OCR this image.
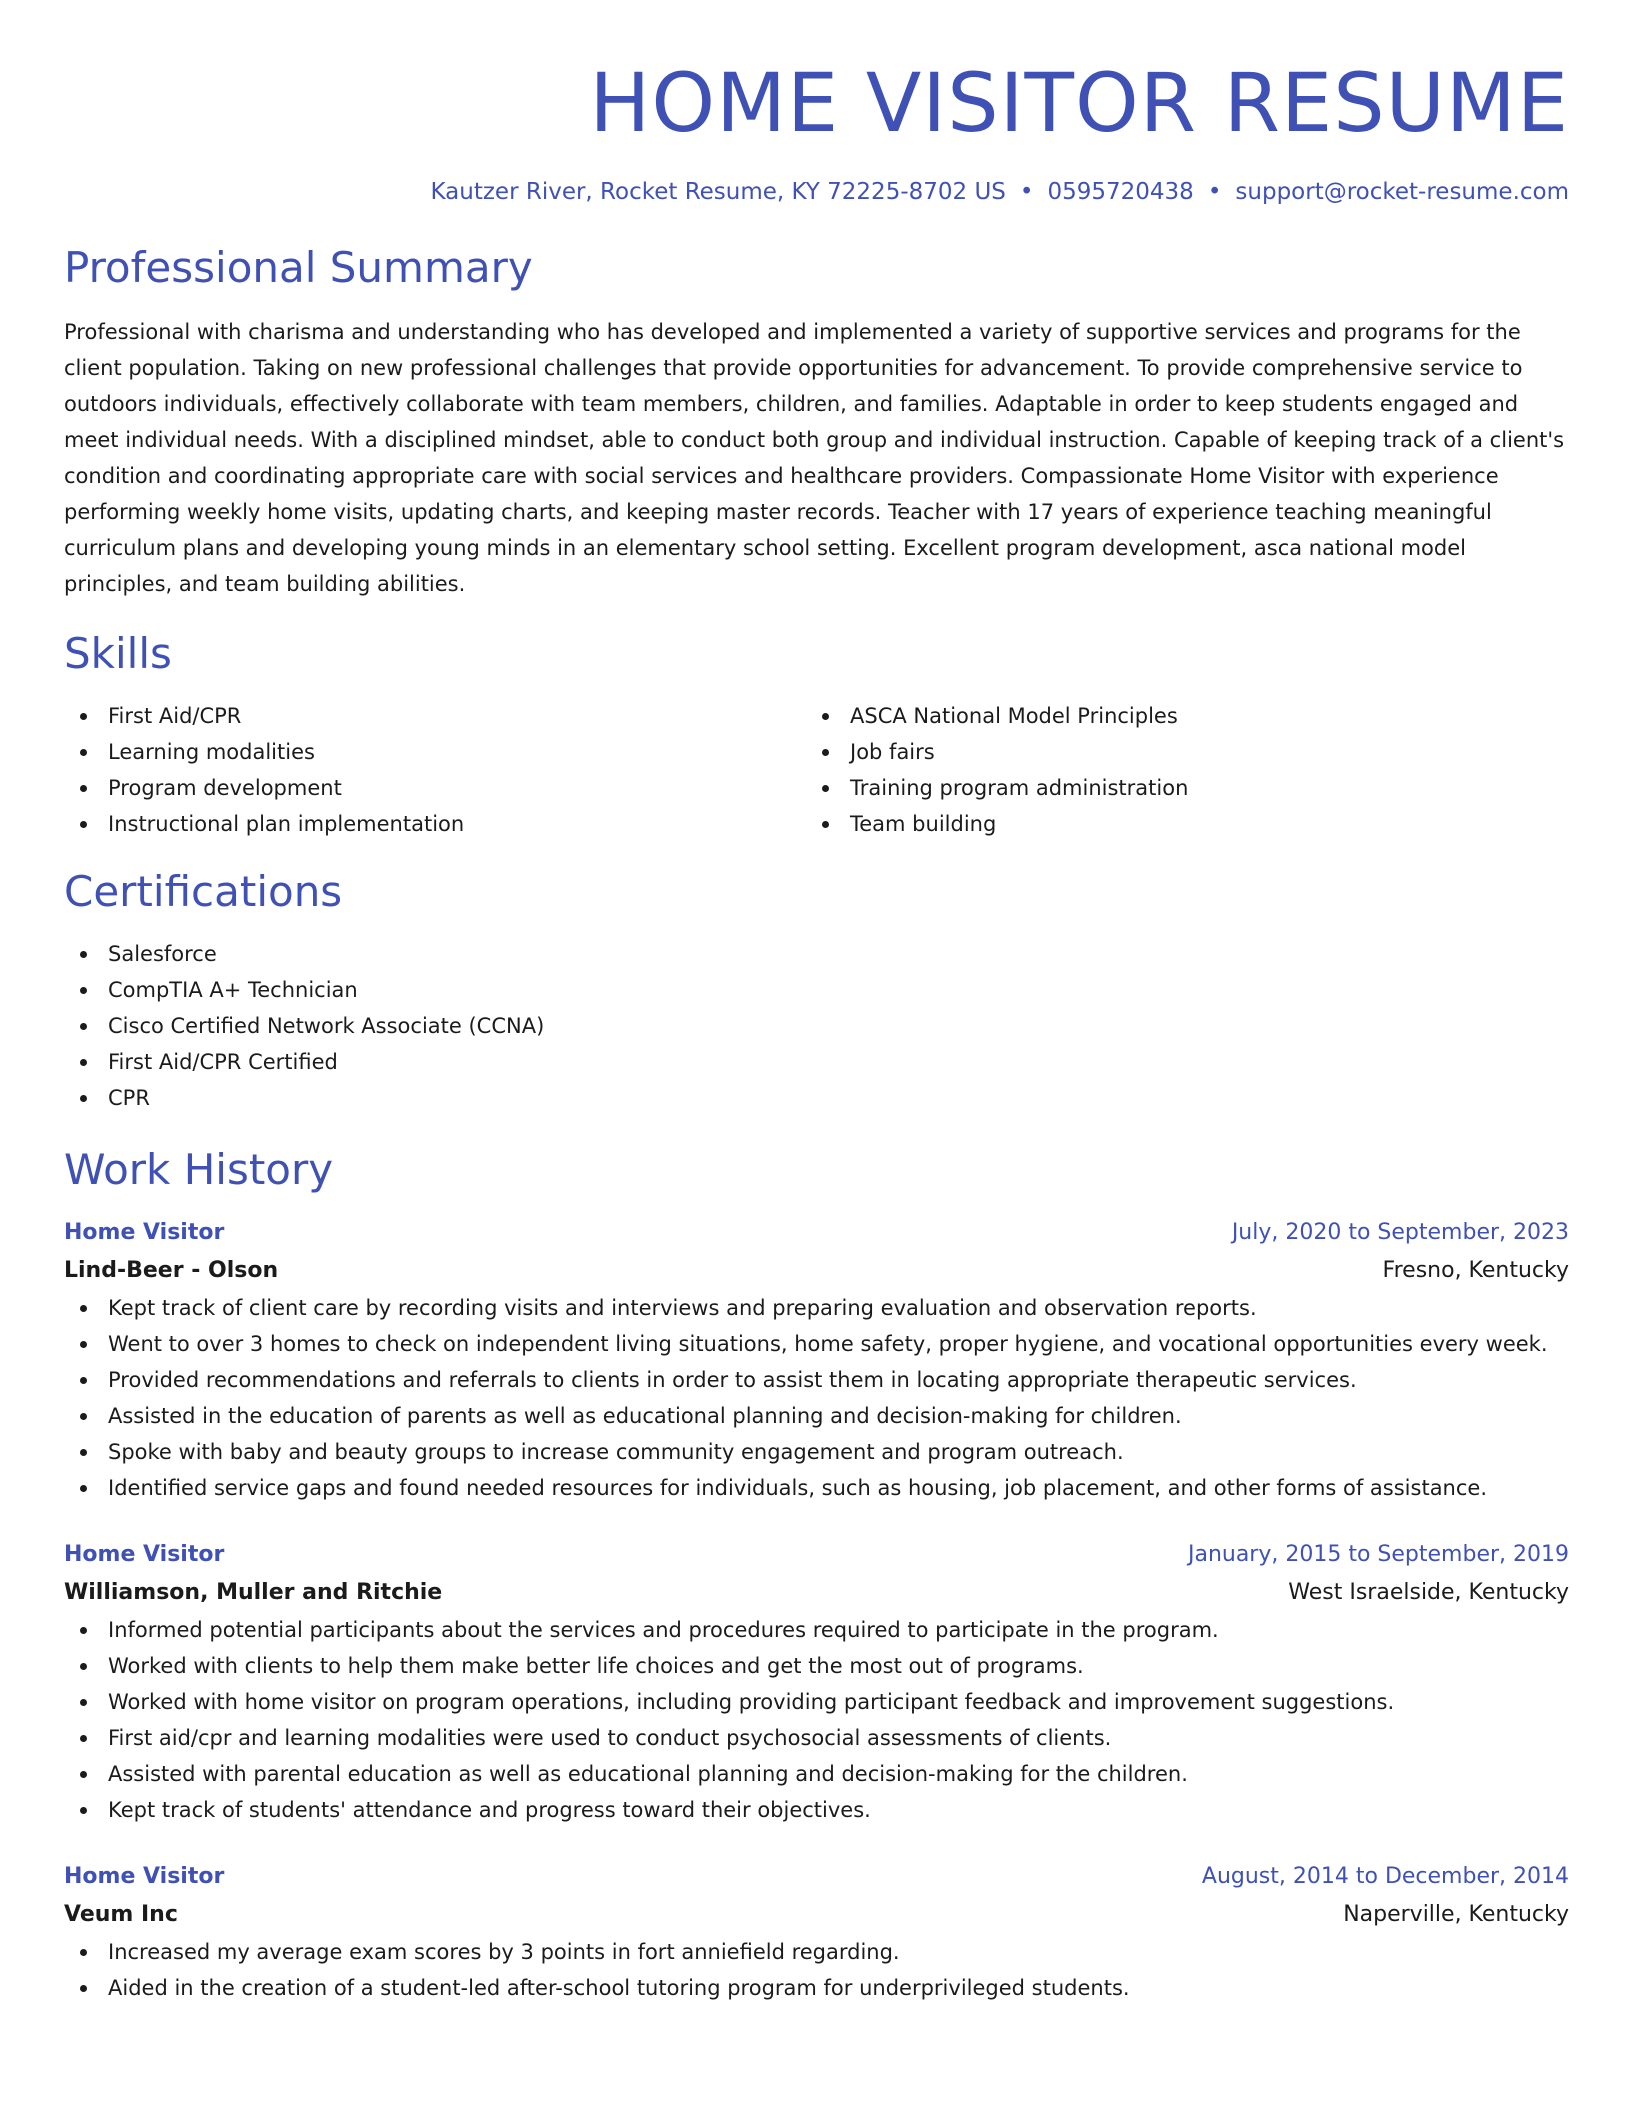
HOME VISITOR RESUME
Kautzer River, Rocket Resume, KY 72225-8702 US • 0595720438 • support@rocket-resume.com
Professional Summary

Professional with charisma and understanding who has developed and implemented a variety of supportive services and programs for the client population. Taking on new professional challenges that provide opportunities for advancement. To provide comprehensive service to outdoors individuals, effectively collaborate with team members, children, and families. Adaptable in order to keep students engaged and meet individual needs. With a disciplined mindset, able to conduct both group and individual instruction. Capable of keeping track of a client's condition and coordinating appropriate care with social services and healthcare providers. Compassionate Home Visitor with experience performing weekly home visits, updating charts, and keeping master records. Teacher with 17 years of experience teaching meaningful curriculum plans and developing young minds in an elementary school setting. Excellent program development, asca national model principles, and team building abilities.

Skills
First Aid/CPR
Learning modalities
Program development
Instructional plan implementation
ASCA National Model Principles
Job fairs
Training program administration
Team building
Certifications
Salesforce
CompTIA A+ Technician
Cisco Certified Network Associate (CCNA)
First Aid/CPR Certified
CPR
Work History
Home Visitor	July, 2020 to September, 2023
Lind-Beer - Olson	Fresno, Kentucky
Kept track of client care by recording visits and interviews and preparing evaluation and observation reports.
Went to over 3 homes to check on independent living situations, home safety, proper hygiene, and vocational opportunities every week.
Provided recommendations and referrals to clients in order to assist them in locating appropriate therapeutic services.
Assisted in the education of parents as well as educational planning and decision-making for children.
Spoke with baby and beauty groups to increase community engagement and program outreach.
Identified service gaps and found needed resources for individuals, such as housing, job placement, and other forms of assistance.
Home Visitor	January, 2015 to September, 2019
Williamson, Muller and Ritchie	West Israelside, Kentucky
Informed potential participants about the services and procedures required to participate in the program.
Worked with clients to help them make better life choices and get the most out of programs.
Worked with home visitor on program operations, including providing participant feedback and improvement suggestions.
First aid/cpr and learning modalities were used to conduct psychosocial assessments of clients.
Assisted with parental education as well as educational planning and decision-making for the children.
Kept track of students' attendance and progress toward their objectives.
Home Visitor	August, 2014 to December, 2014
Veum Inc	Naperville, Kentucky
Increased my average exam scores by 3 points in fort anniefield regarding.
Aided in the creation of a student-led after-school tutoring program for underprivileged students.
